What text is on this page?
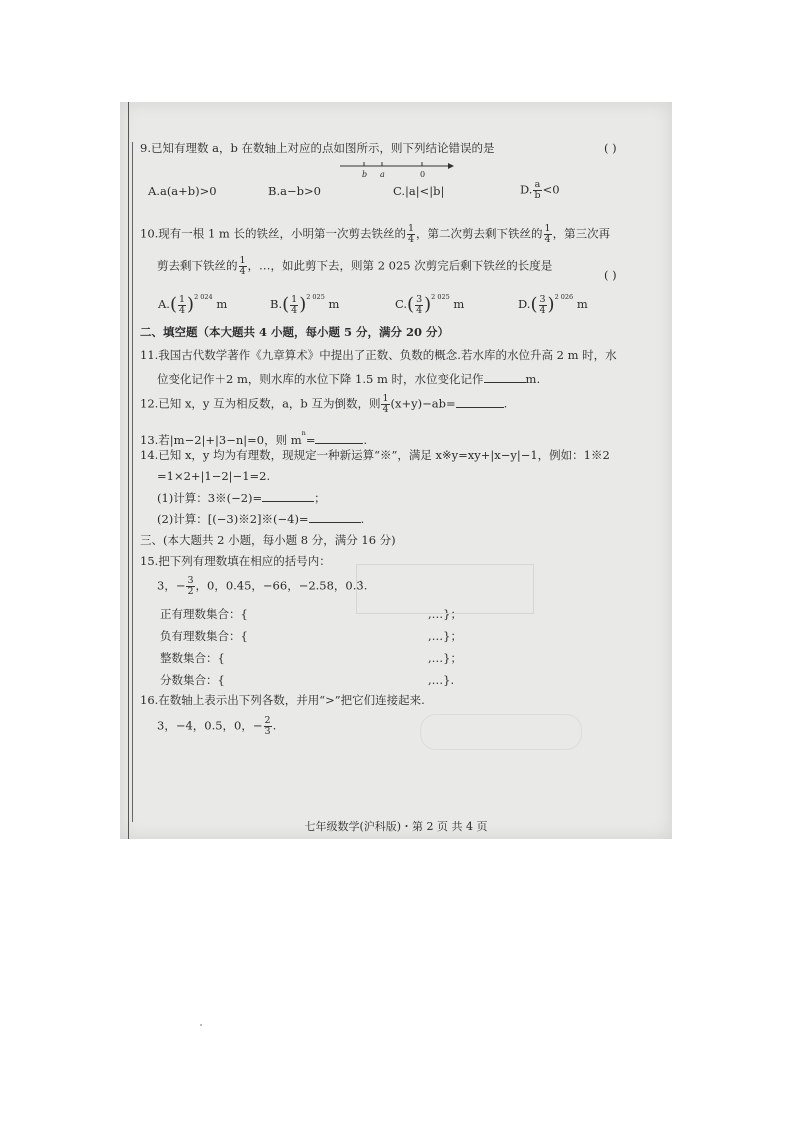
9.已知有理数 a，b 在数轴上对应的点如图所示，则下列结论错误的是	( )
b a	0
A.a(a+b)>0	B.a−b>0	C.|a|<|b|	D. $\frac{a}{b} <0$
10.现有一根 1 m 长的铁丝，小明第一次剪去铁丝的 $\frac{1}{4}$ ，第二次剪去剩下铁丝的 $\frac{1}{4}$ ，第三次再
剪去剩下铁丝的 $\frac{1}{4}$ ，…，如此剪下去，则第 2 025 次剪完后剩下铁丝的长度是
( )
$A.( \frac{1}{4} )^{2 024}$ m	$B.( \frac{1}{4} )^{2 025}$ m	$C.( \frac{3}{4} )^{2 025}$ m	$D.( \frac{3}{4} )^{2 026}$ m
二、填空题（本大题共 4 小题，每小题 5 分，满分 20 分）
11.我国古代数学著作《九章算术》中提出了正数、负数的概念.若水库的水位升高 2 m 时，水
位变化记作＋2 m，则水库的水位下降 1.5 m 时，水位变化记作	m.
12.已知 x，y 互为相反数，a，b 互为倒数，则 $\frac{1}{4} (x+y)-ab=$	.
13.若|m−2|+|3−n|=0，则 $m^n=$	.
14.已知 x，y 均为有理数，现规定一种新运算“※”，满足 x※y=xy+|x−y|−1，例如：1※2
=1×2+|1−2|−1=2.
(1)计算：3※(−2)=	；
(2)计算：[(−3)※2]※(−4)=	.
三、(本大题共 2 小题，每小题 8 分，满分 16 分)
15.把下列有理数填在相应的括号内：
3，− $\frac{3}{2}$ ，0，0.45，−66，−2.58，0.3̇.
正有理数集合：{	,…}；
负有理数集合：{	,…}；
整数集合：{	,…}；
分数集合：{	,…}.
16.在数轴上表示出下列各数，并用“>”把它们连接起来.
3，−4，0.5，0，− $\frac{2}{3}$ .
七年级数学(沪科版)・第 2 页 共 4 页
